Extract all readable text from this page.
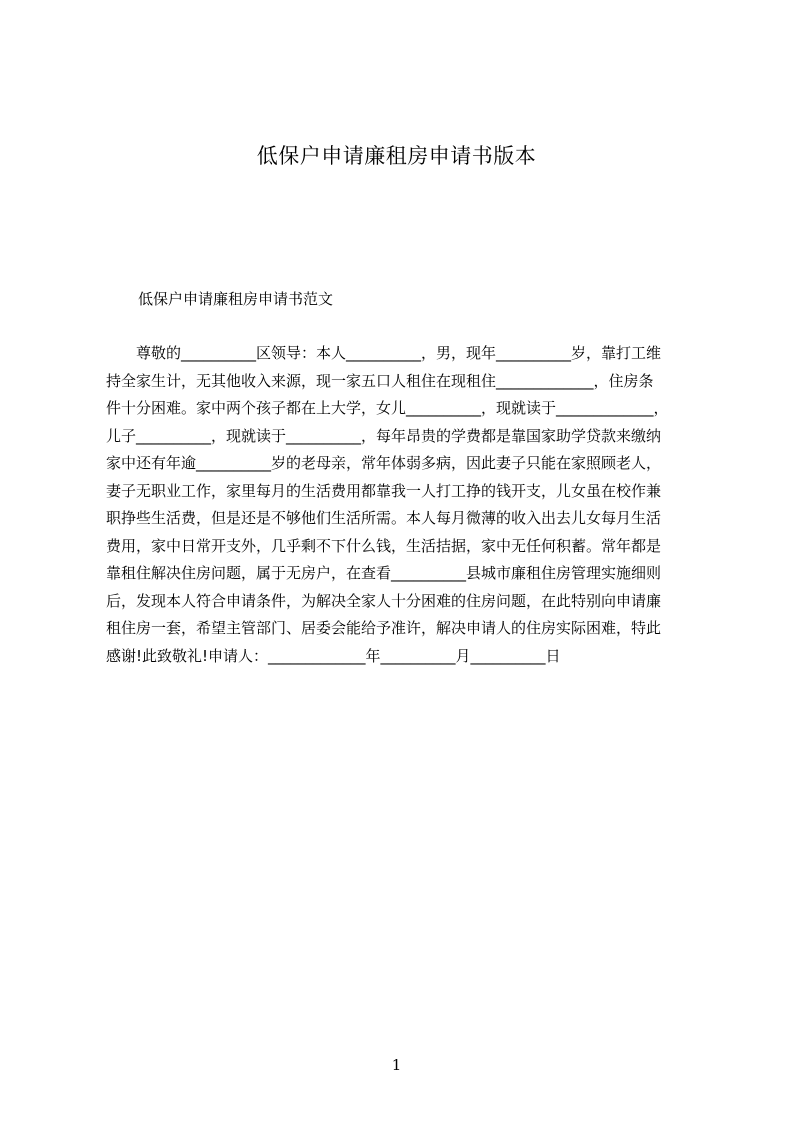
低保户申请廉租房申请书版本
低保户申请廉租房申请书范文
　　尊敬的__________区领导：本人__________，男，现年__________岁，靠打工维
持全家生计，无其他收入来源，现一家五口人租住在现租住_____________，住房条
件十分困难。家中两个孩子都在上大学，女儿__________，现就读于_____________，
儿子__________，现就读于__________，每年昂贵的学费都是靠国家助学贷款来缴纳
家中还有年逾__________岁的老母亲，常年体弱多病，因此妻子只能在家照顾老人，
妻子无职业工作，家里每月的生活费用都靠我一人打工挣的钱开支，儿女虽在校作兼
职挣些生活费，但是还是不够他们生活所需。本人每月微薄的收入出去儿女每月生活
费用，家中日常开支外，几乎剩不下什么钱，生活拮据，家中无任何积蓄。常年都是
靠租住解决住房问题，属于无房户，在查看__________县城市廉租住房管理实施细则
后，发现本人符合申请条件，为解决全家人十分困难的住房问题，在此特别向申请廉
租住房一套，希望主管部门、居委会能给予准许，解决申请人的住房实际困难，特此
感谢!此致敬礼!申请人：_____________年__________月__________日
1
